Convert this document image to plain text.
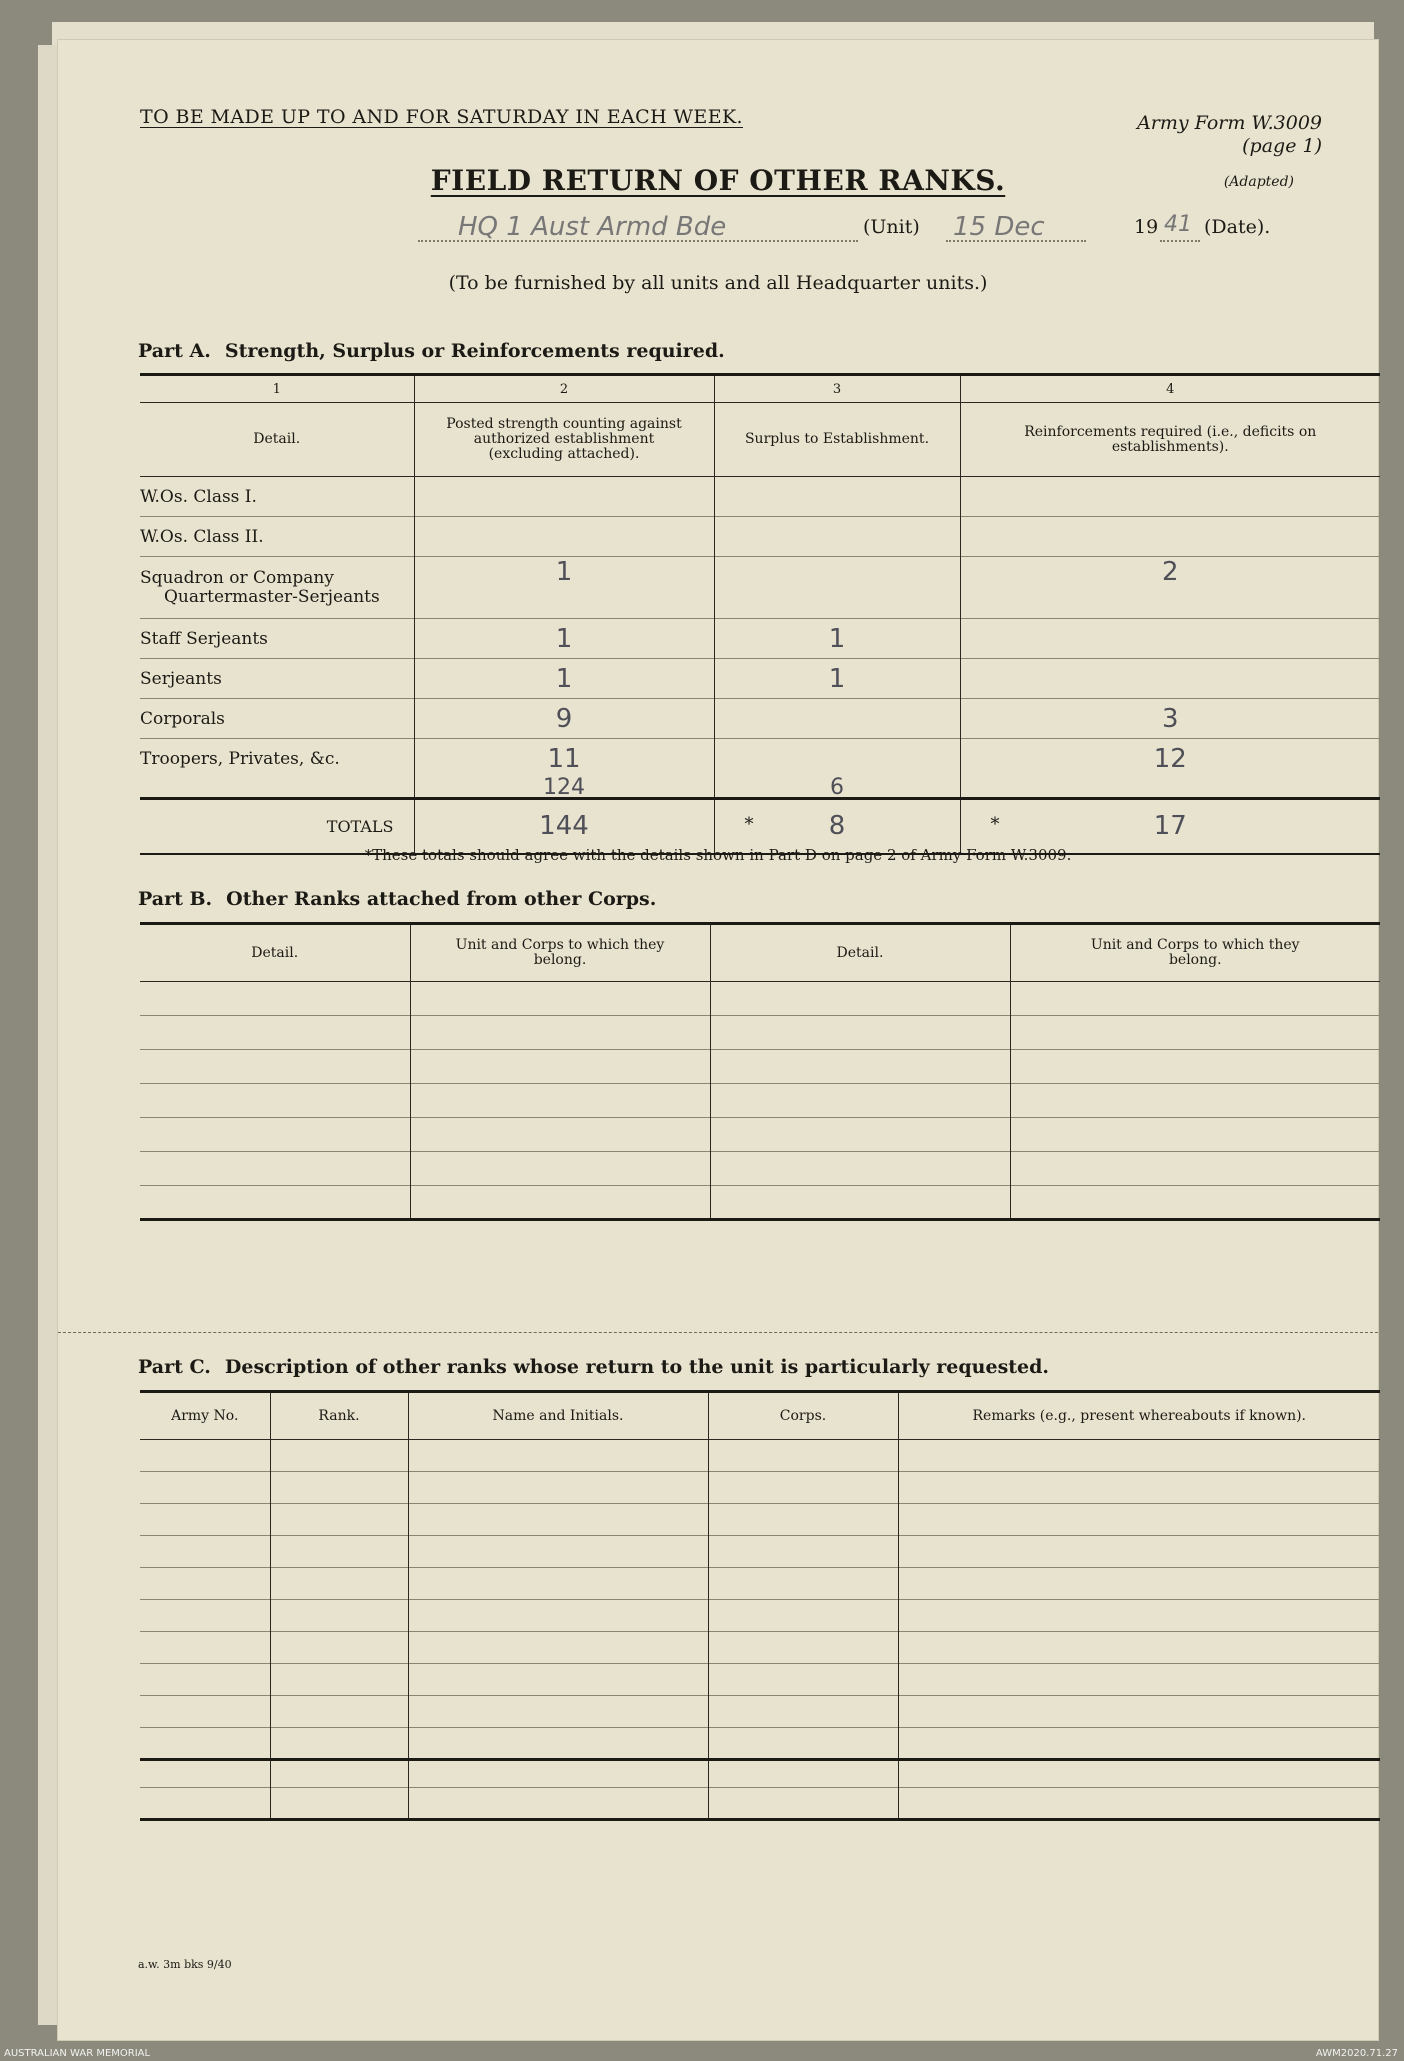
TO BE MADE UP TO AND FOR SATURDAY IN EACH WEEK.	Army Form W.3009
(page 1)
(Adapted)
FIELD RETURN OF OTHER RANKS.
HQ 1 Aust Armd Bde	(Unit) 15 Dec	19 41 (Date).
(To be furnished by all units and all Headquarter units.)
Part A. Strength, Surplus or Reinforcements required.
1	2	3	4
Detail.	Posted strength counting against authorized establishment (excluding attached).	Surplus to Establishment.	Reinforcements required (i.e., deficits on establishments).
W.Os. Class I.			
W.Os. Class II.			

Squadron or Company
Quartermaster-Serjeants	1		2
Staff Serjeants	1	1	
Serjeants	1	1	
Corporals	9		3
Troopers, Privates, &c.	11		12
	124	6	
TOTALS	144	* 8	* 17
*These totals should agree with the details shown in Part D on page 2 of Army Form W.3009.
Part B. Other Ranks attached from other Corps.
Detail.	Unit and Corps to which they belong.	Detail.	Unit and Corps to which they belong.

Part C. Description of other ranks whose return to the unit is particularly requested.
Army No.	Rank.	Name and Initials.	Corps.	Remarks (e.g., present whereabouts if known).

a.w. 3m bks 9/40
AUSTRALIAN WAR MEMORIAL	AWM2020.71.27
